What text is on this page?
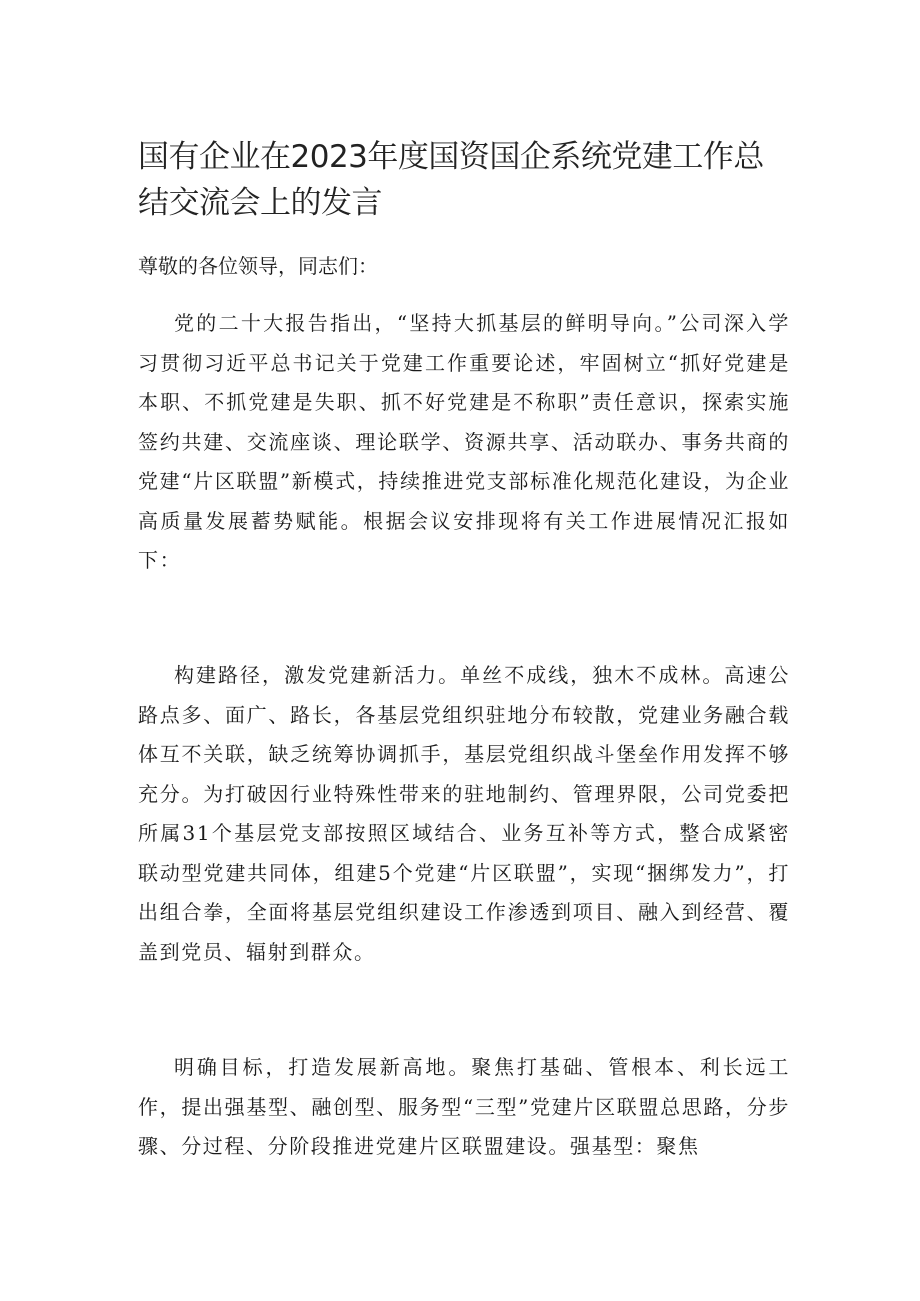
国有企业在2023年度国资国企系统党建工作总结交流会上的发言

尊敬的各位领导，同志们：

党的二十大报告指出，“坚持大抓基层的鲜明导向。”公司深入学习贯彻习近平总书记关于党建工作重要论述，牢固树立“抓好党建是本职、不抓党建是失职、抓不好党建是不称职”责任意识，探索实施签约共建、交流座谈、理论联学、资源共享、活动联办、事务共商的党建“片区联盟”新模式，持续推进党支部标准化规范化建设，为企业高质量发展蓄势赋能。根据会议安排现将有关工作进展情况汇报如下：

构建路径，激发党建新活力。单丝不成线，独木不成林。高速公路点多、面广、路长，各基层党组织驻地分布较散，党建业务融合载体互不关联，缺乏统筹协调抓手，基层党组织战斗堡垒作用发挥不够充分。为打破因行业特殊性带来的驻地制约、管理界限，公司党委把所属31个基层党支部按照区域结合、业务互补等方式，整合成紧密联动型党建共同体，组建5个党建“片区联盟”，实现“捆绑发力”，打出组合拳，全面将基层党组织建设工作渗透到项目、融入到经营、覆盖到党员、辐射到群众。

明确目标，打造发展新高地。聚焦打基础、管根本、利长远工作，提出强基型、融创型、服务型“三型”党建片区联盟总思路，分步骤、分过程、分阶段推进党建片区联盟建设。强基型：聚焦
